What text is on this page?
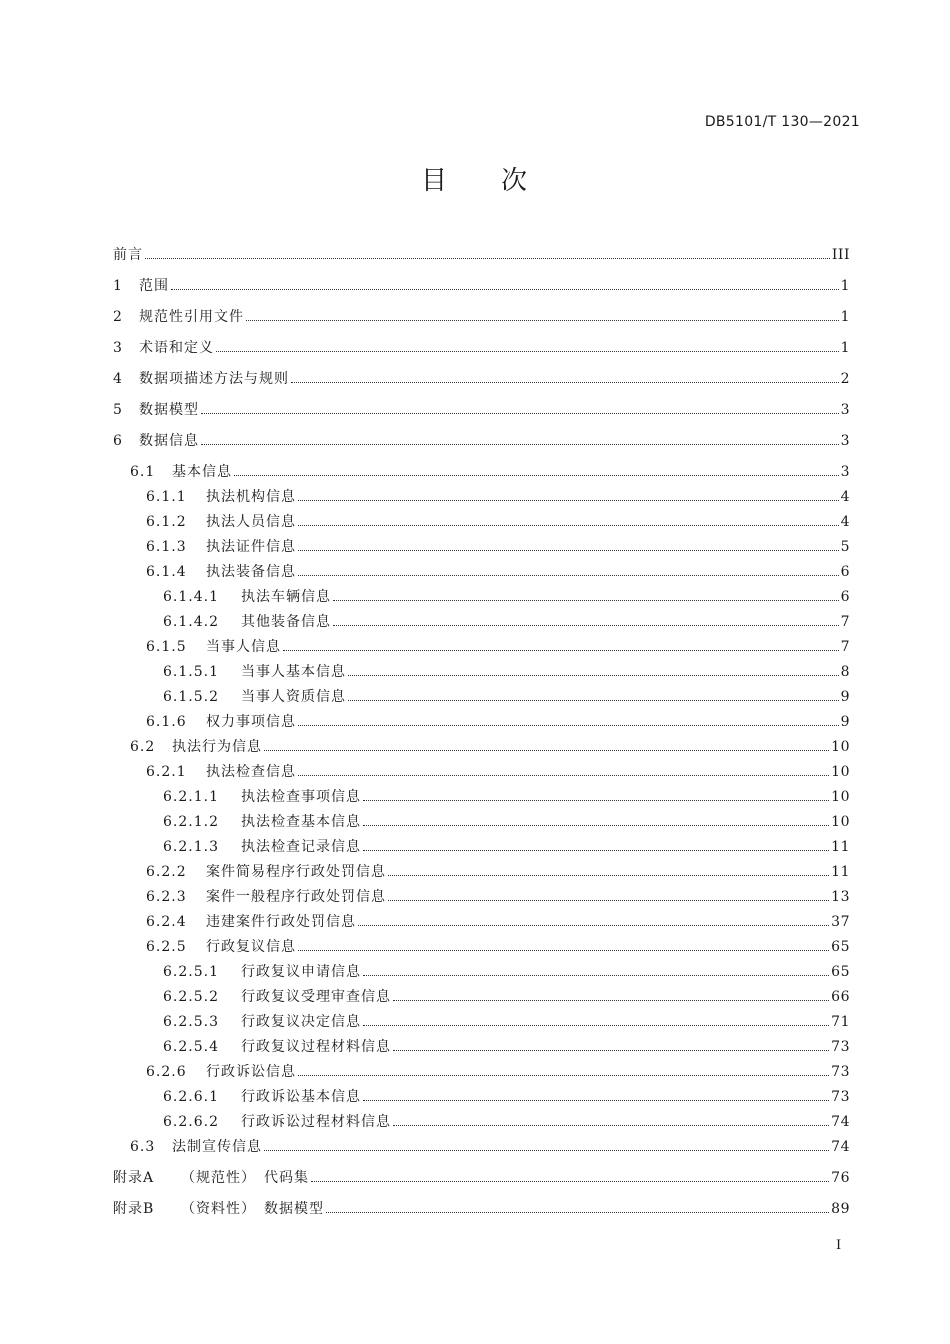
DB5101/T 130—2021
目 次
前言	III
1	范围	1
2	规范性引用文件	1
3	术语和定义	1
4	数据项描述方法与规则	2
5	数据模型	3
6	数据信息	3
6.1	基本信息	3
6.1.1	执法机构信息	4
6.1.2	执法人员信息	4
6.1.3	执法证件信息	5
6.1.4	执法装备信息	6
6.1.4.1	执法车辆信息	6
6.1.4.2	其他装备信息	7
6.1.5	当事人信息	7
6.1.5.1	当事人基本信息	8
6.1.5.2	当事人资质信息	9
6.1.6	权力事项信息	9
6.2	执法行为信息	10
6.2.1	执法检查信息	10
6.2.1.1	执法检查事项信息	10
6.2.1.2	执法检查基本信息	10
6.2.1.3	执法检查记录信息	11
6.2.2	案件简易程序行政处罚信息	11
6.2.3	案件一般程序行政处罚信息	13
6.2.4	违建案件行政处罚信息	37
6.2.5	行政复议信息	65
6.2.5.1	行政复议申请信息	65
6.2.5.2	行政复议受理审查信息	66
6.2.5.3	行政复议决定信息	71
6.2.5.4	行政复议过程材料信息	73
6.2.6	行政诉讼信息	73
6.2.6.1	行政诉讼基本信息	73
6.2.6.2	行政诉讼过程材料信息	74
6.3	法制宣传信息	74
附录A	（规范性）　代码集	76
附录B	（资料性）　数据模型	89
I
